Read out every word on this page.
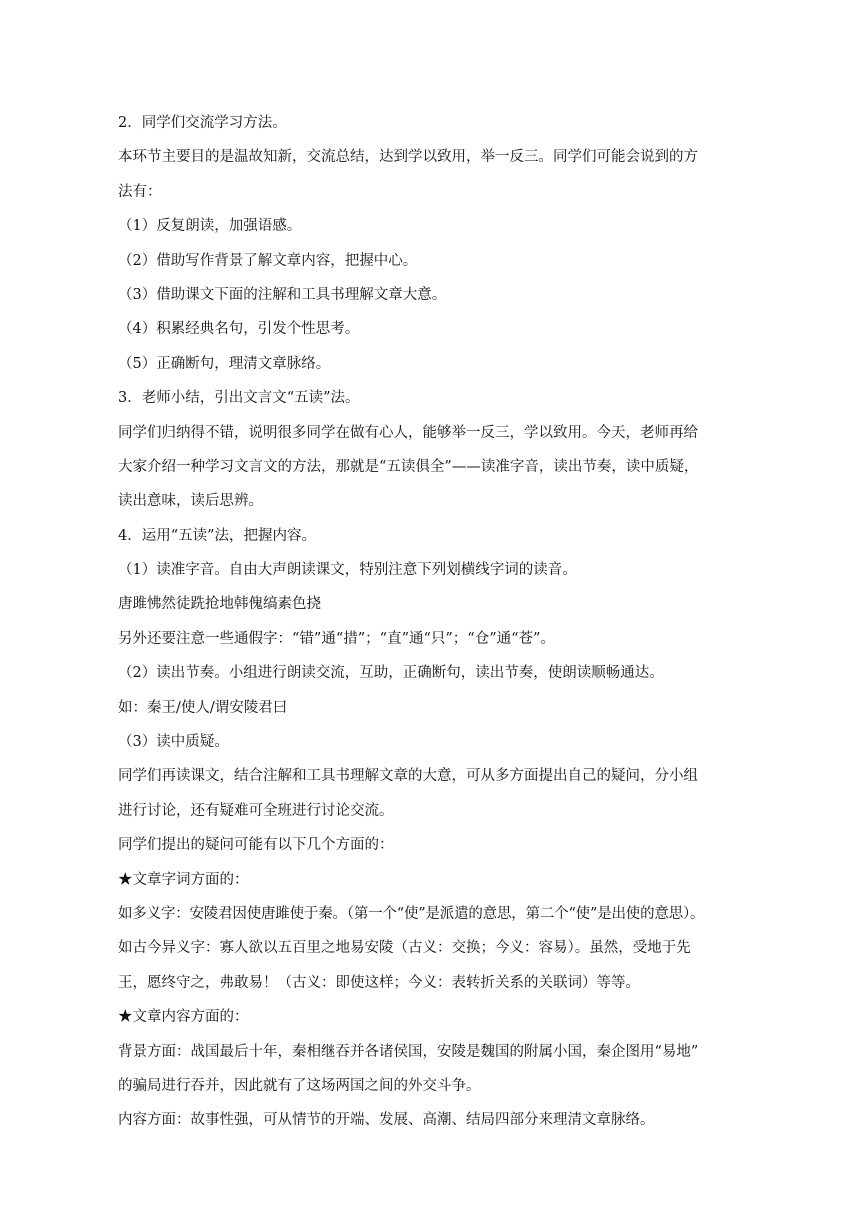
2．同学们交流学习方法。
本环节主要目的是温故知新，交流总结，达到学以致用，举一反三。同学们可能会说到的方
法有：
（1）反复朗读，加强语感。
（2）借助写作背景了解文章内容，把握中心。
（3）借助课文下面的注解和工具书理解文章大意。
（4）积累经典名句，引发个性思考。
（5）正确断句，理清文章脉络。
3．老师小结，引出文言文“五读”法。
同学们归纳得不错，说明很多同学在做有心人，能够举一反三，学以致用。今天，老师再给
大家介绍一种学习文言文的方法，那就是“五读俱全”——读准字音，读出节奏，读中质疑，
读出意味，读后思辨。
4．运用“五读”法，把握内容。
（1）读准字音。自由大声朗读课文，特别注意下列划横线字词的读音。
唐雎怫然徒跣抢地韩傀缟素色挠
另外还要注意一些通假字：“错”通“措”；“直”通“只”；“仓”通“苍”。
（2）读出节奏。小组进行朗读交流，互助，正确断句，读出节奏，使朗读顺畅通达。
如：秦王/使人/谓安陵君曰
（3）读中质疑。
同学们再读课文，结合注解和工具书理解文章的大意，可从多方面提出自己的疑问，分小组
进行讨论，还有疑难可全班进行讨论交流。
同学们提出的疑问可能有以下几个方面的：
★文章字词方面的：
如多义字：安陵君因使唐雎使于秦。（第一个“使”是派遣的意思，第二个“使”是出使的意思）。
如古今异义字：寡人欲以五百里之地易安陵（古义：交换；今义：容易）。虽然，受地于先
王，愿终守之，弗敢易！（古义：即使这样；今义：表转折关系的关联词）等等。
★文章内容方面的：
背景方面：战国最后十年，秦相继吞并各诸侯国，安陵是魏国的附属小国，秦企图用“易地”
的骗局进行吞并，因此就有了这场两国之间的外交斗争。
内容方面：故事性强，可从情节的开端、发展、高潮、结局四部分来理清文章脉络。
